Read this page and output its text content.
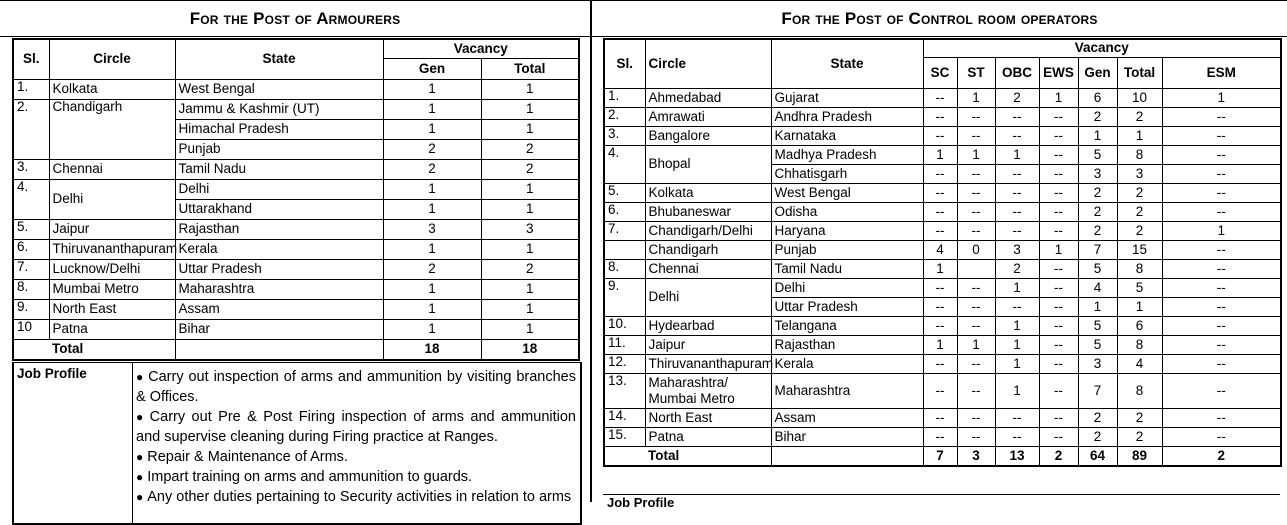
For the Post of Armourers
Sl.	Circle	State	Vacancy	
			Gen	Total
1.	Kolkata	West Bengal	1	1
2.	Chandigarh	Jammu & Kashmir (UT)	1	1
		Himachal Pradesh	1	1
		Punjab	2	2
3.	Chennai	Tamil Nadu	2	2
4.	Delhi	Delhi	1	1
		Uttarakhand	1	1
5.	Jaipur	Rajasthan	3	3
6.	Thiruvananthapuram	Kerala	1	1
7.	Lucknow/Delhi	Uttar Pradesh	2	2
8.	Mumbai Metro	Maharashtra	1	1
9.	North East	Assam	1	1
10	Patna	Bihar	1	1
	Total		18	18
Job Profile	● Carry out inspection of arms and ammunition by visiting branches & Offices.

● Carry out Pre & Post Firing inspection of arms and ammunition and supervise cleaning during Firing practice at Ranges.

● Repair & Maintenance of Arms.

● Impart training on arms and ammunition to guards.

● Any other duties pertaining to Security activities in relation to arms

For the Post of Control room operators
Sl.	Circle	State	Vacancy						
			SC	ST	OBC	EWS	Gen	Total	ESM
1.	Ahmedabad	Gujarat	--	1	2	1	6	10	1
2.	Amrawati	Andhra Pradesh	--	--	--	--	2	2	--
3.	Bangalore	Karnataka	--	--	--	--	1	1	--
4.	Bhopal	Madhya Pradesh	1	1	1	--	5	8	--
		Chhatisgarh	--	--	--	--	3	3	--
5.	Kolkata	West Bengal	--	--	--	--	2	2	--
6.	Bhubaneswar	Odisha	--	--	--	--	2	2	--
7.	Chandigarh/Delhi	Haryana	--	--	--	--	2	2	1
	Chandigarh	Punjab	4	0	3	1	7	15	--
8.	Chennai	Tamil Nadu	1		2	--	5	8	--
9.	Delhi	Delhi	--	--	1	--	4	5	--
		Uttar Pradesh	--	--	--	--	1	1	--
10.	Hydearbad	Telangana	--	--	1	--	5	6	--
11.	Jaipur	Rajasthan	1	1	1	--	5	8	--
12.	Thiruvananthapuram	Kerala	--	--	1	--	3	4	--
13.	Maharashtra/ Mumbai Metro	Maharashtra	--	--	1	--	7	8	--
14.	North East	Assam	--	--	--	--	2	2	--
15.	Patna	Bihar	--	--	--	--	2	2	--
	Total		7	3	13	2	64	89	2
Job Profile
